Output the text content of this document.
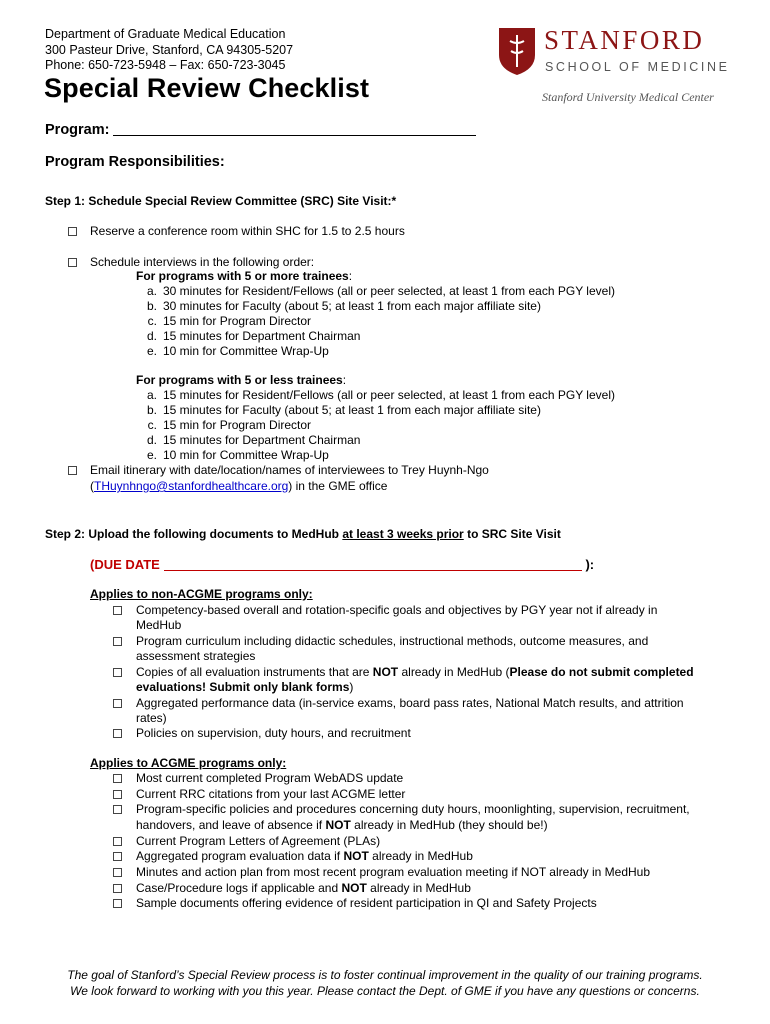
Department of Graduate Medical Education
300 Pasteur Drive, Stanford, CA 94305-5207
Phone: 650-723-5948 – Fax: 650-723-3045
Special Review Checklist
STANFORD
SCHOOL OF MEDICINE
Stanford University Medical Center
Program:
Program Responsibilities:
Step 1: Schedule Special Review Committee (SRC) Site Visit:*
Reserve a conference room within SHC for 1.5 to 2.5 hours
Schedule interviews in the following order:
For programs with 5 or more trainees:
a. 30 minutes for Resident/Fellows (all or peer selected, at least 1 from each PGY level)
b. 30 minutes for Faculty (about 5; at least 1 from each major affiliate site)
c. 15 min for Program Director
d. 15 minutes for Department Chairman
e. 10 min for Committee Wrap-Up
For programs with 5 or less trainees:
a. 15 minutes for Resident/Fellows (all or peer selected, at least 1 from each PGY level)
b. 15 minutes for Faculty (about 5; at least 1 from each major affiliate site)
c. 15 min for Program Director
d. 15 minutes for Department Chairman
e. 10 min for Committee Wrap-Up
Email itinerary with date/location/names of interviewees to Trey Huynh-Ngo
(THuynhngo@stanfordhealthcare.org) in the GME office
Step 2: Upload the following documents to MedHub at least 3 weeks prior to SRC Site Visit
(DUE DATE	):
Applies to non-ACGME programs only:
Competency-based overall and rotation-specific goals and objectives by PGY year not if already in
MedHub
Program curriculum including didactic schedules, instructional methods, outcome measures, and
assessment strategies
Copies of all evaluation instruments that are NOT already in MedHub (Please do not submit completed
evaluations! Submit only blank forms)
Aggregated performance data (in-service exams, board pass rates, National Match results, and attrition
rates)
Policies on supervision, duty hours, and recruitment
Applies to ACGME programs only:
Most current completed Program WebADS update
Current RRC citations from your last ACGME letter
Program-specific policies and procedures concerning duty hours, moonlighting, supervision, recruitment,
handovers, and leave of absence if NOT already in MedHub (they should be!)
Current Program Letters of Agreement (PLAs)
Aggregated program evaluation data if NOT already in MedHub
Minutes and action plan from most recent program evaluation meeting if NOT already in MedHub
Case/Procedure logs if applicable and NOT already in MedHub
Sample documents offering evidence of resident participation in QI and Safety Projects
The goal of Stanford’s Special Review process is to foster continual improvement in the quality of our training programs.
We look forward to working with you this year. Please contact the Dept. of GME if you have any questions or concerns.
